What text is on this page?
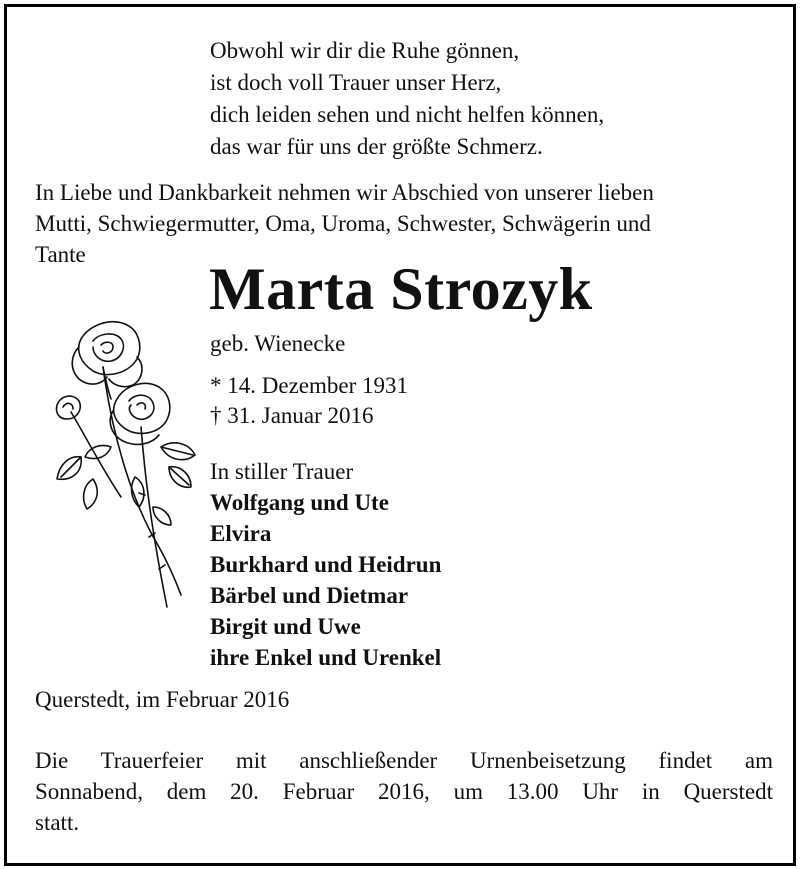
Obwohl wir dir die Ruhe gönnen,
ist doch voll Trauer unser Herz,
dich leiden sehen und nicht helfen können,
das war für uns der größte Schmerz.
In Liebe und Dankbarkeit nehmen wir Abschied von unserer lieben
Mutti, Schwiegermutter, Oma, Uroma, Schwester, Schwägerin und
Tante
Marta Strozyk
geb. Wienecke
* 14. Dezember 1931
† 31. Januar 2016
In stiller Trauer
Wolfgang und Ute
Elvira
Burkhard und Heidrun
Bärbel und Dietmar
Birgit und Uwe
ihre Enkel und Urenkel
Querstedt, im Februar 2016
Die Trauerfeier mit anschließender Urnenbeisetzung findet am
Sonnabend, dem 20. Februar 2016, um 13.00 Uhr in Querstedt
statt.
